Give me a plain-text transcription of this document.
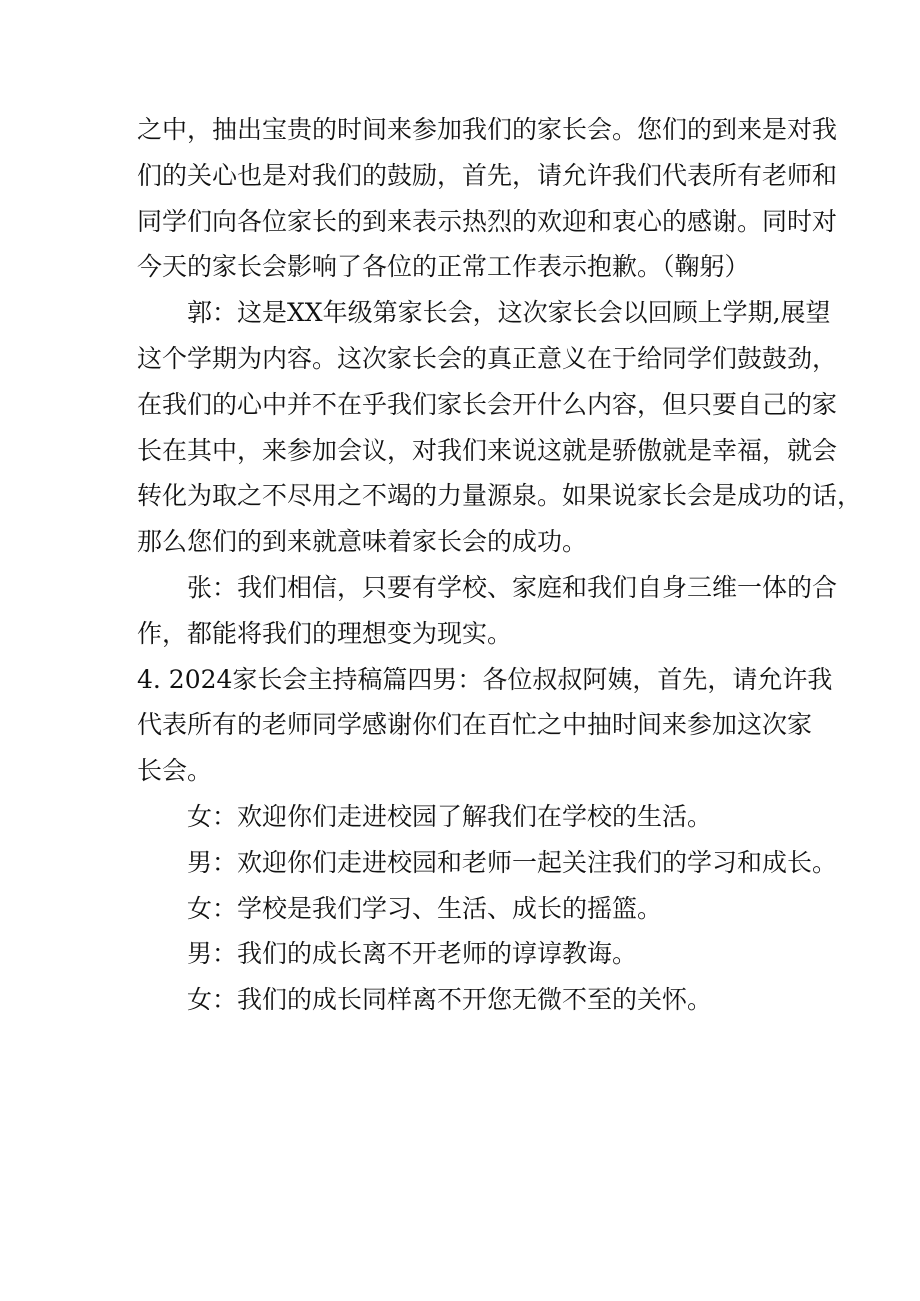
之中，抽出宝贵的时间来参加我们的家长会。您们的到来是对我
们的关心也是对我们的鼓励，首先，请允许我们代表所有老师和
同学们向各位家长的到来表示热烈的欢迎和衷心的感谢。同时对
今天的家长会影响了各位的正常工作表示抱歉。（鞠躬）

郭：这是XX年级第家长会，这次家长会以回顾上学期,展望
这个学期为内容。这次家长会的真正意义在于给同学们鼓鼓劲，
在我们的心中并不在乎我们家长会开什么内容，但只要自己的家
长在其中，来参加会议，对我们来说这就是骄傲就是幸福，就会
转化为取之不尽用之不竭的力量源泉。如果说家长会是成功的话，
那么您们的到来就意味着家长会的成功。

张：我们相信，只要有学校、家庭和我们自身三维一体的合
作，都能将我们的理想变为现实。

4. 2024家长会主持稿篇四男：各位叔叔阿姨，首先，请允许我
代表所有的老师同学感谢你们在百忙之中抽时间来参加这次家
长会。

女：欢迎你们走进校园了解我们在学校的生活。

男：欢迎你们走进校园和老师一起关注我们的学习和成长。

女：学校是我们学习、生活、成长的摇篮。

男：我们的成长离不开老师的谆谆教诲。

女：我们的成长同样离不开您无微不至的关怀。
